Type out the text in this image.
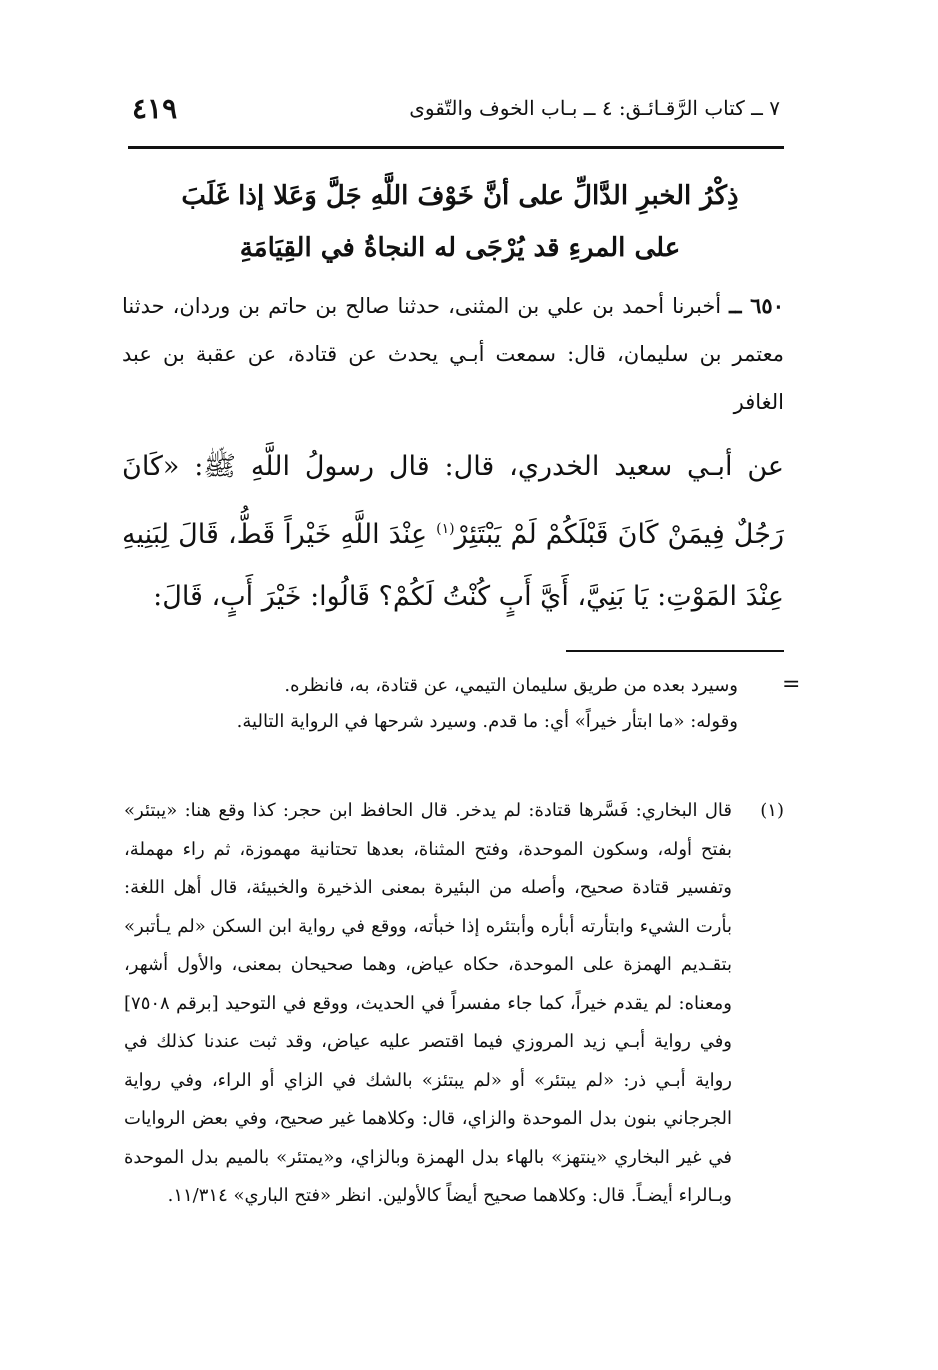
٧ ــ كتاب الرَّقـائـق: ٤ ــ بـاب الخوف والتّقوى
٤١٩
ذِكْرُ الخبرِ الدَّالِّ على أنَّ خَوْفَ اللَّهِ جَلَّ وَعَلا إذا غَلَبَ
على المرءِ قد يُرْجَى له النجاةُ في القِيَامَةِ
٦٥٠ ــ أخبرنا أحمد بن علي بن المثنى، حدثنا صالح بن حاتم بن وردان، حدثنا معتمر بن سليمان، قال: سمعت أبـي يحدث عن قتادة، عن عقبة بن عبد الغافر
عن أبـي سعيد الخدري، قال: قال رسولُ اللَّهِ ﷺ: «كَانَ رَجُلٌ فِيمَنْ كَانَ قَبْلَكُمْ لَمْ يَبْتَئِرْ$^{(١)}$ عِنْدَ اللَّهِ خَيْراً قَطُّ، قَالَ لِبَنِيهِ عِنْدَ المَوْتِ: يَا بَنِيَّ، أَيَّ أَبٍ كُنْتُ لَكُمْ؟ قَالُوا: خَيْرَ أَبٍ، قَالَ:
=

وسيرد بعده من طريق سليمان التيمي، عن قتادة، به، فانظره.

وقوله: «ما ابتأر خيراً» أي: ما قدم. وسيرد شرحها في الرواية التالية.

(١)
قال البخاري: فَسَّرها قتادة: لم يدخر. قال الحافظ ابن حجر: كذا وقع هنا: «يبتئر» بفتح أوله، وسكون الموحدة، وفتح المثناة، بعدها تحتانية مهموزة، ثم راء مهملة، وتفسير قتادة صحيح، وأصله من البئيرة بمعنى الذخيرة والخبيئة، قال أهل اللغة: بأرت الشيء وابتأرته أبأره وأبتئره إذا خبأته، ووقع في رواية ابن السكن «لم يـأتبر» بتقـديم الهمزة على الموحدة، حكاه عياض، وهما صحيحان بمعنى، والأول أشهر، ومعناه: لم يقدم خيراً، كما جاء مفسراً في الحديث، ووقع في التوحيد [برقم ٧٥٠٨] وفي رواية أبـي زيد المروزي فيما اقتصر عليه عياض، وقد ثبت عندنا كذلك في رواية أبـي ذر: «لم يبتئر» أو «لم يبتئز» بالشك في الزاي أو الراء، وفي رواية الجرجاني بنون بدل الموحدة والزاي، قال: وكلاهما غير صحيح، وفي بعض الروايات في غير البخاري «ينتهز» بالهاء بدل الهمزة وبالزاي، و«يمتئر» بالميم بدل الموحدة وبـالراء أيضـاً. قال: وكلاهما صحيح أيضاً كالأولين. انظر «فتح الباري» ١١/٣١٤.
